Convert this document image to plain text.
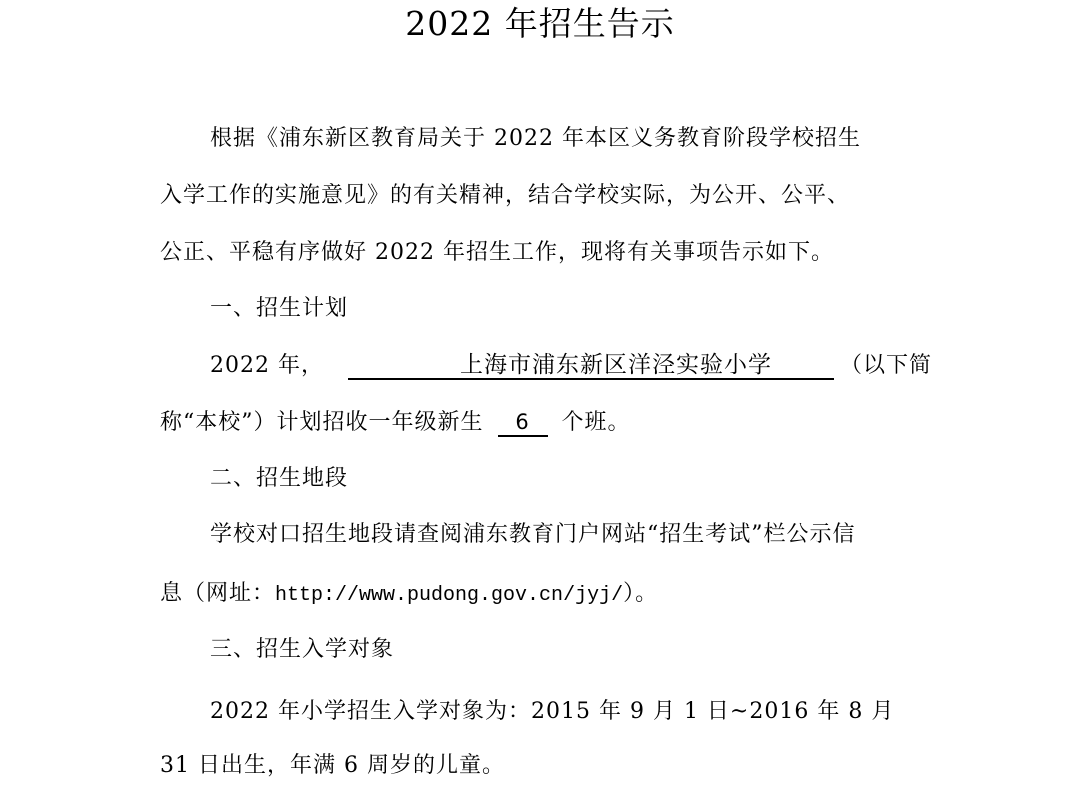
2022 年招生告示
根据《浦东新区教育局关于 2022 年本区义务教育阶段学校招生
入学工作的实施意见》的有关精神，结合学校实际，为公开、公平、
公正、平稳有序做好 2022 年招生工作，现将有关事项告示如下。
一、招生计划
2022 年，	上海市浦东新区洋泾实验小学	（以下简
称“本校”）计划招收一年级新生 6 个班。
二、招生地段
学校对口招生地段请查阅浦东教育门户网站“招生考试”栏公示信
息（网址：http://www.pudong.gov.cn/jyj/）。
三、招生入学对象
2022 年小学招生入学对象为：2015 年 9 月 1 日~2016 年 8 月
31 日出生，年满 6 周岁的儿童。
